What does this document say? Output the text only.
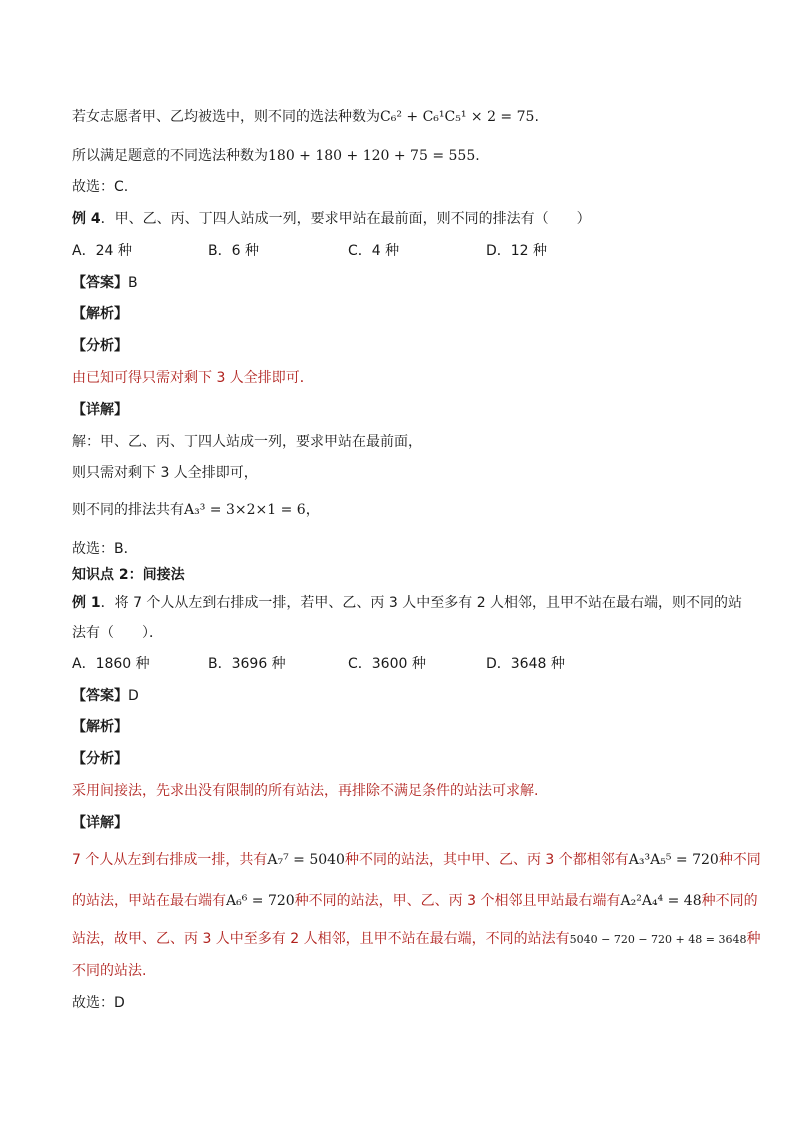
若女志愿者甲、乙均被选中，则不同的选法种数为C₆² + C₆¹C₅¹ × 2 = 75.
所以满足题意的不同选法种数为180 + 180 + 120 + 75 = 555.
故选：C.
例 4．甲、乙、丙、丁四人站成一列，要求甲站在最前面，则不同的排法有（　　）
A．24 种	B．6 种	C．4 种	D．12 种
【答案】B
【解析】
【分析】
由已知可得只需对剩下 3 人全排即可．
【详解】
解：甲、乙、丙、丁四人站成一列，要求甲站在最前面，
则只需对剩下 3 人全排即可，
则不同的排法共有A₃³ = 3×2×1 = 6，
故选：B．
知识点 2：间接法
例 1．将 7 个人从左到右排成一排，若甲、乙、丙 3 人中至多有 2 人相邻，且甲不站在最右端，则不同的站
法有（　　）．
A．1860 种	B．3696 种	C．3600 种	D．3648 种
【答案】D
【解析】
【分析】
采用间接法，先求出没有限制的所有站法，再排除不满足条件的站法可求解.
【详解】
7 个人从左到右排成一排，共有A₇⁷ = 5040种不同的站法，其中甲、乙、丙 3 个都相邻有A₃³A₅⁵ = 720种不同
的站法，甲站在最右端有A₆⁶ = 720种不同的站法，甲、乙、丙 3 个相邻且甲站最右端有A₂²A₄⁴ = 48种不同的
站法，故甲、乙、丙 3 人中至多有 2 人相邻，且甲不站在最右端，不同的站法有5040 − 720 − 720 + 48 = 3648种
不同的站法.
故选：D
